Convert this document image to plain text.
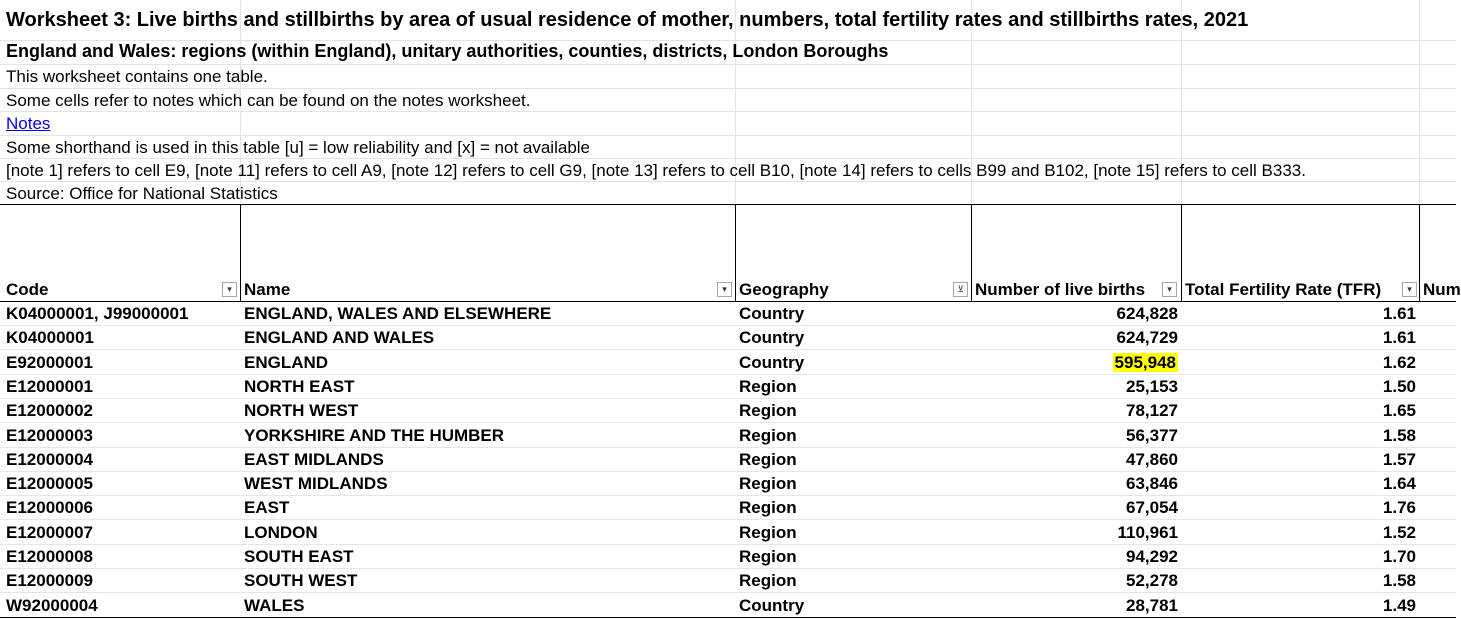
Worksheet 3: Live births and stillbirths by area of usual residence of mother, numbers, total fertility rates and stillbirths rates, 2021
England and Wales: regions (within England), unitary authorities, counties, districts, London Boroughs
This worksheet contains one table.
Some cells refer to notes which can be found on the notes worksheet.
Notes
Some shorthand is used in this table [u] = low reliability and [x] = not available
[note 1] refers to cell E9, [note 11] refers to cell A9, [note 12] refers to cell G9, [note 13] refers to cell B10, [note 14] refers to cells B99 and B102, [note 15] refers to cell B333.
Source: Office for National Statistics
Code	▾ Name	▾ Geography	⊻ Number of live births	▾ Total Fertility Rate (TFR)	▾ Num
K04000001, J99000001	ENGLAND, WALES AND ELSEWHERE	Country	624,828	1.61
K04000001	ENGLAND AND WALES	Country	624,729	1.61
E92000001	ENGLAND	Country	595,948	1.62
E12000001	NORTH EAST	Region	25,153	1.50
E12000002	NORTH WEST	Region	78,127	1.65
E12000003	YORKSHIRE AND THE HUMBER	Region	56,377	1.58
E12000004	EAST MIDLANDS	Region	47,860	1.57
E12000005	WEST MIDLANDS	Region	63,846	1.64
E12000006	EAST	Region	67,054	1.76
E12000007	LONDON	Region	110,961	1.52
E12000008	SOUTH EAST	Region	94,292	1.70
E12000009	SOUTH WEST	Region	52,278	1.58
W92000004	WALES	Country	28,781	1.49
